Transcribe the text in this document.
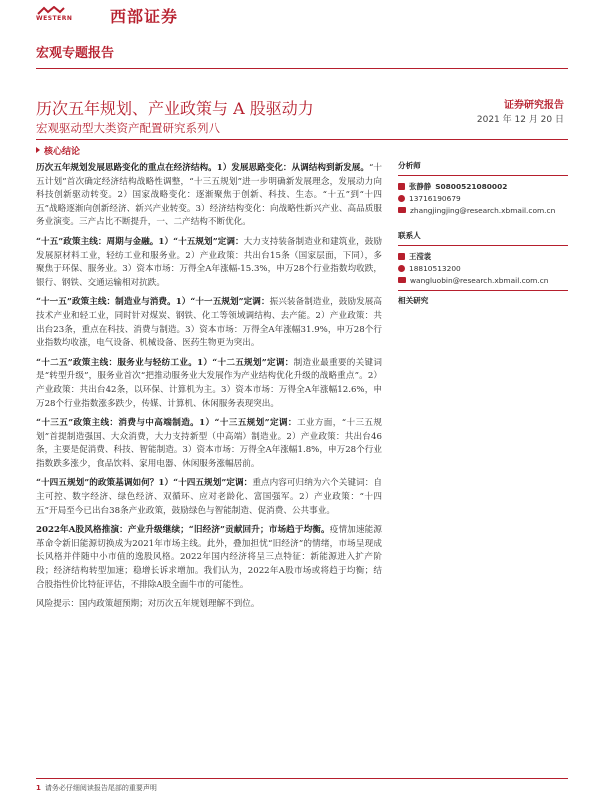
WESTERN 西部证券
宏观专题报告
历次五年规划、产业政策与 A 股驱动力
宏观驱动型大类资产配置研究系列八
证券研究报告
2021 年 12 月 20 日
核心结论

历次五年规划发展思路变化的重点在经济结构。1）发展思路变化：从调结构到新发展。“十五计划”首次确定经济结构战略性调整，“十三五规划”进一步明确新发展理念，发展动力向科技创新驱动转变。2）国家战略变化：逐渐聚焦于创新、科技、生态。“十五”到“十四五”战略逐渐向创新经济、新兴产业转变。3）经济结构变化：向战略性新兴产业、高品质服务业演变。三产占比不断提升，一、二产结构不断优化。

“十五”政策主线：周期与金融。1）“十五规划”定调：大力支持装备制造业和建筑业，鼓励发展原材料工业，轻纺工业和服务业。2）产业政策：共出台15条（国家层面，下同），多聚焦于环保、服务业。3）资本市场：万得全A年涨幅-15.3%，申万28个行业指数均收跌，银行、钢铁、交通运输相对抗跌。

“十一五”政策主线：制造业与消费。1）“十一五规划”定调：振兴装备制造业，鼓励发展高技术产业和轻工业，同时针对煤炭、钢铁、化工等领域调结构、去产能。2）产业政策：共出台23条，重点在科技、消费与制造。3）资本市场：万得全A年涨幅31.9%，申万28个行业指数均收涨，电气设备、机械设备、医药生物更为突出。

“十二五”政策主线：服务业与轻纺工业。1）“十二五规划”定调：制造业最重要的关键词是“转型升级”，服务业首次“把推动服务业大发展作为产业结构优化升级的战略重点”。2）产业政策：共出台42条，以环保、计算机为主。3）资本市场：万得全A年涨幅12.6%，申万28个行业指数涨多跌少，传媒、计算机、休闲服务表现突出。

“十三五”政策主线：消费与中高端制造。1）“十三五规划”定调：工业方面，“十三五规划”首提制造强国、大众消费，大力支持新型（中高端）制造业。2）产业政策：共出台46条，主要是促消费、科技、智能制造。3）资本市场：万得全A年涨幅1.8%，申万28个行业指数跌多涨少，食品饮料、家用电器、休闲服务涨幅居前。

“十四五规划”的政策基调如何？1）“十四五规划”定调：重点内容可归纳为六个关键词：自主可控、数字经济、绿色经济、双循环、应对老龄化、富国强军。2）产业政策：“十四五”开局至今已出台38条产业政策，鼓励绿色与智能制造、促消费、公共事业。

2022年A股风格推演：产业升级继续；“旧经济”贡献回升；市场趋于均衡。疫情加速能源革命令新旧能源切换成为2021年市场主线。此外，叠加担忧“旧经济”的情绪，市场呈现成长风格并伴随中小市值的逸股风格。2022年国内经济将呈三点特征：新能源进入扩产阶段；经济结构转型加速；稳增长诉求增加。我们认为，2022年A股市场或将趋于均衡；结合股指性价比特征评估，不排除A股全面牛市的可能性。

风险提示：国内政策超预期；对历次五年规划理解不到位。

分析师
张静静 S0800521080002
13716190679
zhangjingjing@research.xbmail.com.cn
联系人
王滢裳
18810513200
wangluobin@research.xbmail.com.cn
相关研究
1 请务必仔细阅读报告尾部的重要声明
